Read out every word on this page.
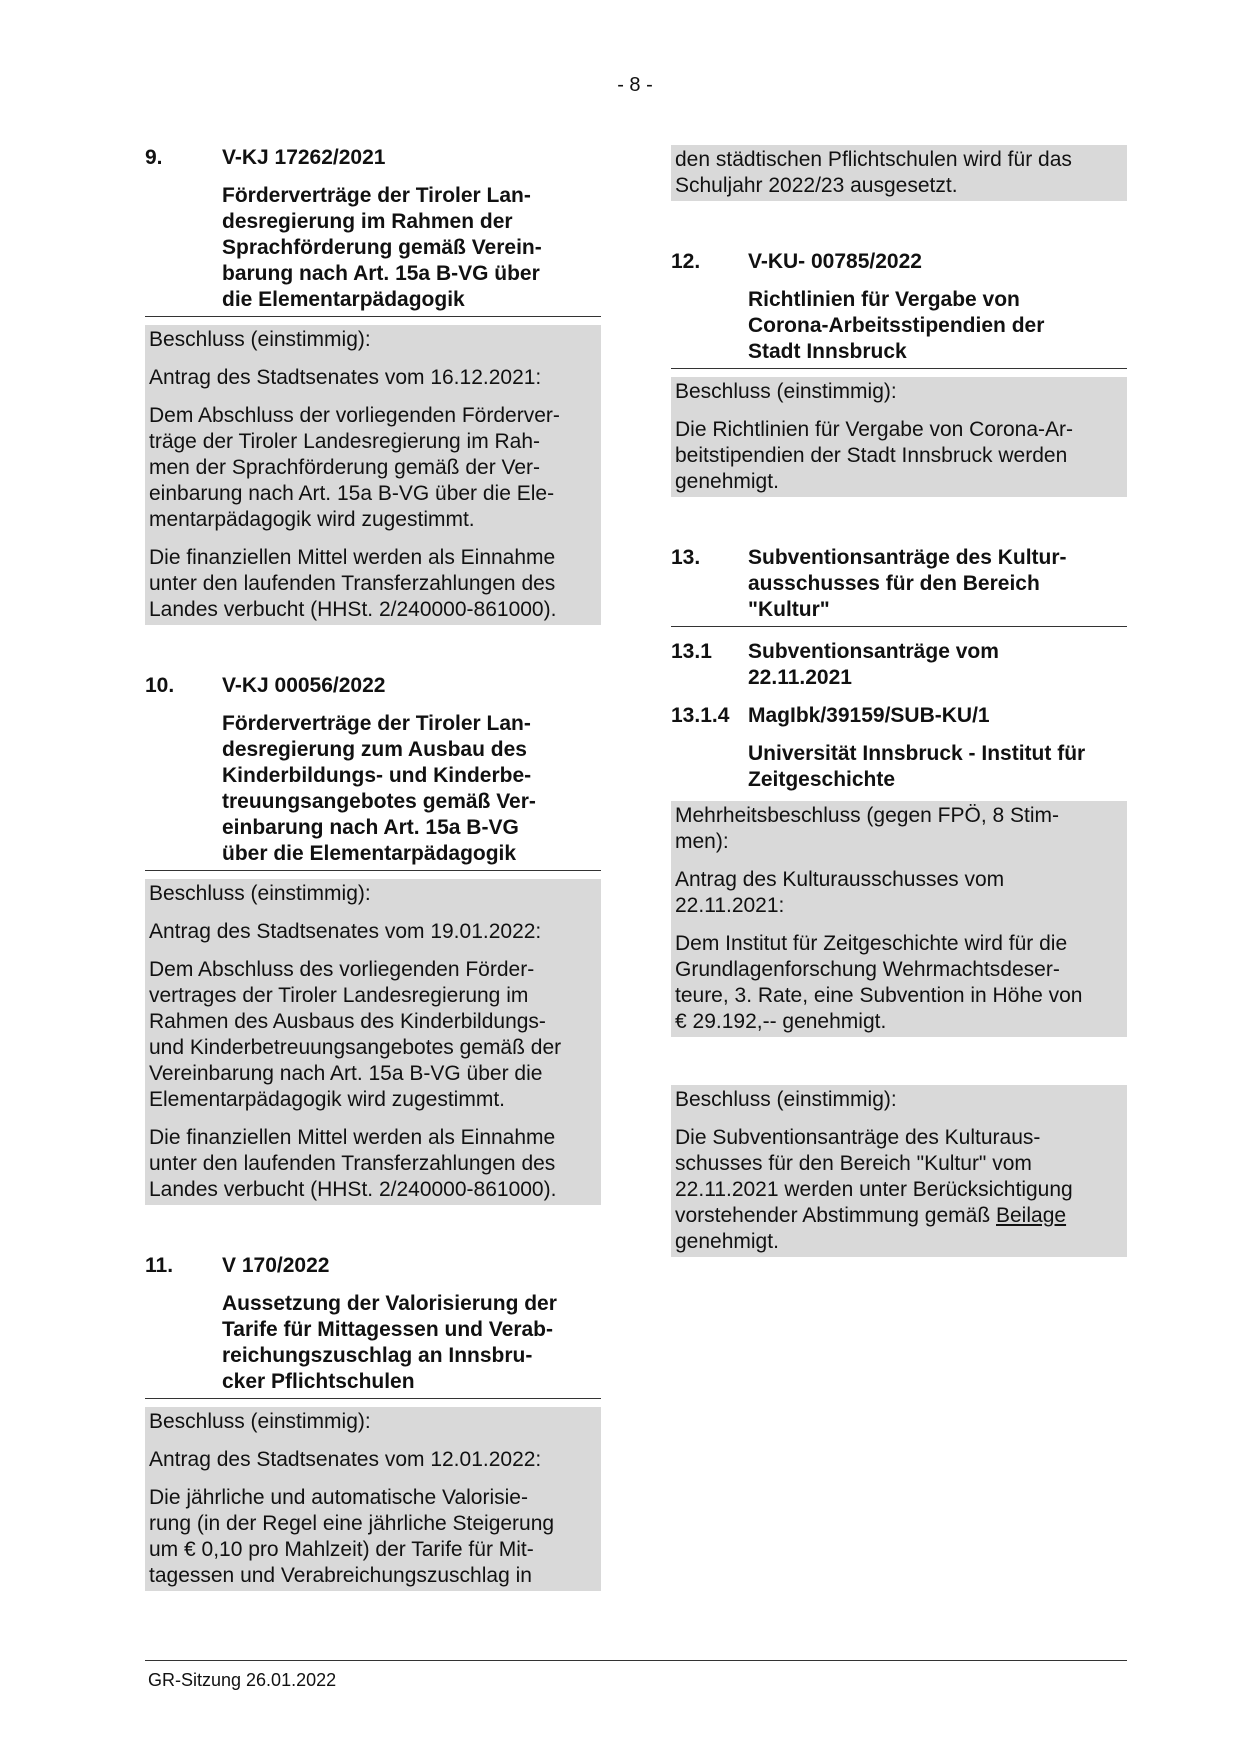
- 8 -
9.	V-KJ 17262/2021
Förderverträge der Tiroler Lan-
desregierung im Rahmen der
Sprachförderung gemäß Verein-
barung nach Art. 15a B-VG über
die Elementarpädagogik

Beschluss (einstimmig):

Antrag des Stadtsenates vom 16.12.2021:

Dem Abschluss der vorliegenden Förderver-
träge der Tiroler Landesregierung im Rah-
men der Sprachförderung gemäß der Ver-
einbarung nach Art. 15a B-VG über die Ele-
mentarpädagogik wird zugestimmt.

Die finanziellen Mittel werden als Einnahme
unter den laufenden Transferzahlungen des
Landes verbucht (HHSt. 2/240000-861000).

10.	V-KJ 00056/2022
Förderverträge der Tiroler Lan-
desregierung zum Ausbau des
Kinderbildungs- und Kinderbe-
treuungsangebotes gemäß Ver-
einbarung nach Art. 15a B-VG
über die Elementarpädagogik

Beschluss (einstimmig):

Antrag des Stadtsenates vom 19.01.2022:

Dem Abschluss des vorliegenden Förder-
vertrages der Tiroler Landesregierung im
Rahmen des Ausbaus des Kinderbildungs-
und Kinderbetreuungsangebotes gemäß der
Vereinbarung nach Art. 15a B-VG über die
Elementarpädagogik wird zugestimmt.

Die finanziellen Mittel werden als Einnahme
unter den laufenden Transferzahlungen des
Landes verbucht (HHSt. 2/240000-861000).

11.	V 170/2022
Aussetzung der Valorisierung der
Tarife für Mittagessen und Verab-
reichungszuschlag an Innsbru-
cker Pflichtschulen

Beschluss (einstimmig):

Antrag des Stadtsenates vom 12.01.2022:

Die jährliche und automatische Valorisie-
rung (in der Regel eine jährliche Steigerung
um € 0,10 pro Mahlzeit) der Tarife für Mit-
tagessen und Verabreichungszuschlag in

den städtischen Pflichtschulen wird für das
Schuljahr 2022/23 ausgesetzt.

12.	V-KU- 00785/2022
Richtlinien für Vergabe von
Corona-Arbeitsstipendien der
Stadt Innsbruck

Beschluss (einstimmig):

Die Richtlinien für Vergabe von Corona-Ar-
beitstipendien der Stadt Innsbruck werden
genehmigt.

13.	Subventionsanträge des Kultur-
ausschusses für den Bereich
"Kultur"
13.1	Subventionsanträge vom
22.11.2021
13.1.4 MagIbk/39159/SUB-KU/1
Universität Innsbruck - Institut für
Zeitgeschichte

Mehrheitsbeschluss (gegen FPÖ, 8 Stim-
men):

Antrag des Kulturausschusses vom
22.11.2021:

Dem Institut für Zeitgeschichte wird für die
Grundlagenforschung Wehrmachtsdeser-
teure, 3. Rate, eine Subvention in Höhe von
€ 29.192,-- genehmigt.

Beschluss (einstimmig):

Die Subventionsanträge des Kulturaus-
schusses für den Bereich "Kultur" vom
22.11.2021 werden unter Berücksichtigung
vorstehender Abstimmung gemäß Beilage
genehmigt.

GR-Sitzung 26.01.2022
